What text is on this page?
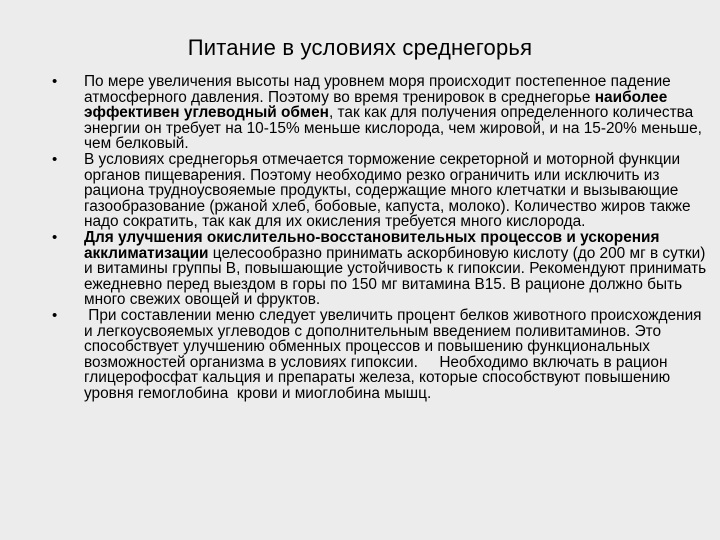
Питание в условиях среднегорья
• По мере увеличения высоты над уровнем моря происходит постепенное падение атмосферного давления. Поэтому во время тренировок в среднегорье наиболее эффективен углеводный обмен, так как для получения определенного количества энергии он требует на 10-15% меньше кислорода, чем жировой, и на 15-20% меньше, чем белковый.
• В условиях среднегорья отмечается торможение секреторной и моторной функции органов пищеварения. Поэтому необходимо резко ограничить или исключить из рациона трудноусвояемые продукты, содержащие много клетчатки и вызывающие газообразование (ржаной хлеб, бобовые, капуста, молоко). Количество жиров также надо сократить, так как для их окисления требуется много кислорода.
• Для улучшения окислительно-восстановительных процессов и ускорения акклиматизации целесообразно принимать аскорбиновую кислоту (до 200 мг в сутки) и витамины группы В, повышающие устойчивость к гипоксии. Рекомендуют принимать ежедневно перед выездом в горы по 150 мг витамина В15. В рационе должно быть много свежих овощей и фруктов.
• При составлении меню следует увеличить процент белков животного происхождения и легкоусвояемых углеводов с дополнительным введением поливитаминов. Это способствует улучшению обменных процессов и повышению функциональных возможностей организма в условиях гипоксии.     Необходимо включать в рацион глицерофосфат кальция и препараты железа, которые способствуют повышению уровня гемоглобина  крови и миоглобина мышц.
